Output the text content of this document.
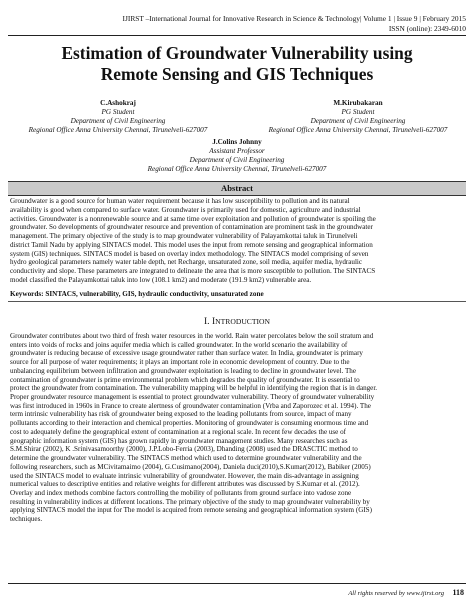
IJIRST –International Journal for Innovative Research in Science & Technology| Volume 1 | Issue 9 | February 2015
ISSN (online): 2349-6010
Estimation of Groundwater Vulnerability using
Remote Sensing and GIS Techniques
C.Ashokraj
PG Student
Department of Civil Engineering
Regional Office Anna University Chennai, Tirunelveli-627007
M.Kirubakaran
PG Student
Department of Civil Engineering
Regional Office Anna University Chennai, Tirunelveli-627007
J.Colins Johnny
Assistant Professor
Department of Civil Engineering
Regional Office Anna University Chennai, Tirunelveli-627007
Abstract
Groundwater is a good source for human water requirement because it has low susceptibility to pollution and its natural
availability is good when compared to surface water. Groundwater is primarily used for domestic, agriculture and industrial
activities. Groundwater is a nonrenewable source and at same time over exploitation and pollution of groundwater is spoiling the
groundwater. So developments of groundwater resource and prevention of contamination are prominent task in the groundwater
management. The primary objective of the study is to map groundwater vulnerability of Palayamkottai taluk in Tirunelveli
district Tamil Nadu by applying SINTACS model. This model uses the input from remote sensing and geographical information
system (GIS) techniques. SINTACS model is based on overlay index methodology. The SINTACS model comprising of seven
hydro geological parameters namely water table depth, net Recharge, unsaturated zone, soil media, aquifer media, hydraulic
conductivity and slope. These parameters are integrated to delineate the area that is more susceptible to pollution. The SINTACS
model classified the Palayamkottai taluk into low (108.1 km2) and moderate (191.9 km2) vulnerable area.
Keywords: SINTACS, vulnerability, GIS, hydraulic conductivity, unsaturated zone
I. INTRODUCTION
Groundwater contributes about two third of fresh water resources in the world. Rain water percolates below the soil stratum and
enters into voids of rocks and joins aquifer media which is called groundwater. In the world scenario the availability of
groundwater is reducing because of excessive usage groundwater rather than surface water. In India, groundwater is primary
source for all purpose of water requirements; it plays an important role in economic development of country. Due to the
unbalancing equilibrium between infiltration and groundwater exploitation is leading to decline in groundwater level. The
contamination of groundwater is prime environmental problem which degrades the quality of groundwater. It is essential to
protect the groundwater from contamination. The vulnerability mapping will be helpful in identifying the region that is in danger.
Proper groundwater resource management is essential to protect groundwater vulnerability. Theory of groundwater vulnerability
was first introduced in 1960s in France to create alertness of groundwater contamination (Vrba and Zaporozec et al. 1994). The
term intrinsic vulnerability has risk of groundwater being exposed to the leading pollutants from source, impact of many
pollutants according to their interaction and chemical properties. Monitoring of groundwater is consuming enormous time and
cost to adequately define the geographical extent of contamination at a regional scale. In recent few decades the use of
geographic information system (GIS) has grown rapidly in groundwater management studies. Many researches such as
S.M.Shirar (2002), K .Srinivasamoorthy (2000), J.P.Lobo-Ferria (2003), Dhanding (2008) used the DRASCTIC method to
determine the groundwater vulnerability. The SINTACS method which used to determine groundwater vulnerability and the
following researchers, such as MCivitamaimo (2004), G.Cusimano(2004), Daniela duci(2010),S.Kumar(2012), Babiker (2005)
used the SINTACS model to evaluate intrinsic vulnerability of groundwater. However, the main dis-advantage in assigning
numerical values to descriptive entities and relative weights for different attributes was discussed by S.Kumar et al. (2012).
Overlay and index methods combine factors controlling the mobility of pollutants from ground surface into vadose zone
resulting in vulnerability indices at different locations. The primary objective of the study to map groundwater vulnerability by
applying SINTACS model the input for The model is acquired from remote sensing and geographical information system (GIS)
techniques.
All rights reserved by www.ijirst.org 118
